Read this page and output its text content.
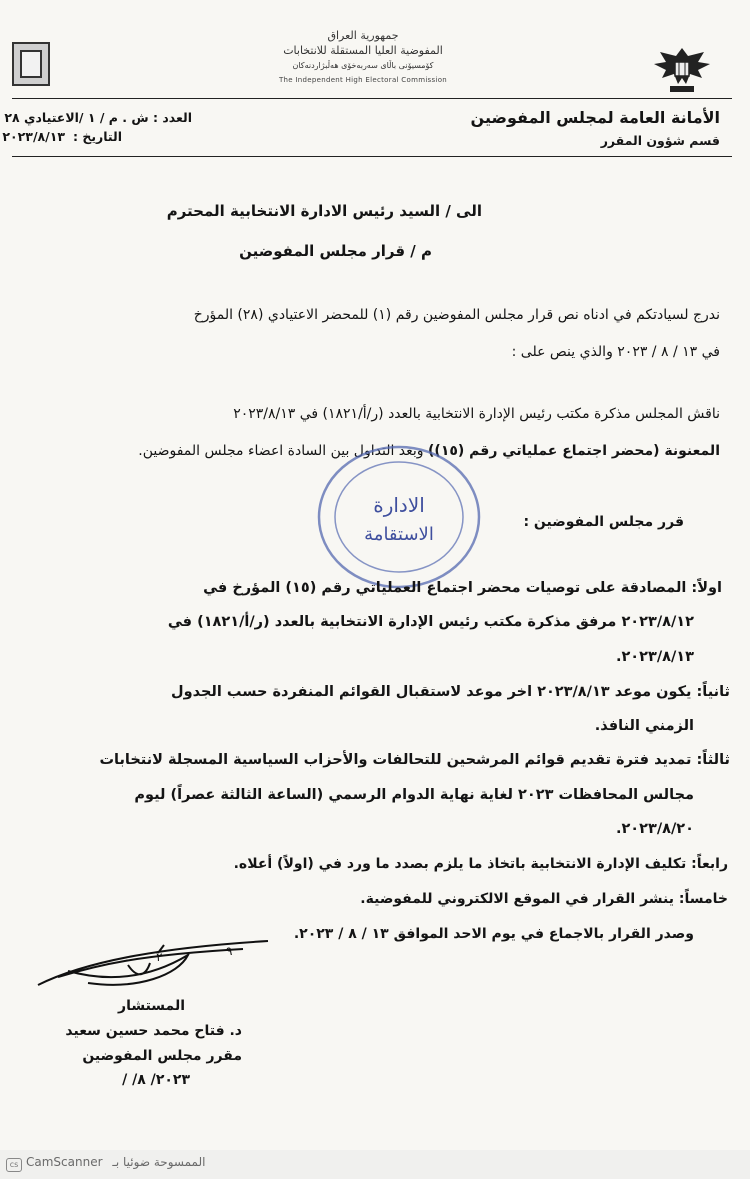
جمهورية العراق
المفوضية العليا المستقلة للانتخابات
کۆمسیۆنی باڵای سەربەخۆی هەڵبژاردنەکان
The Independent High Electoral Commission
العدد : ش . م / ١ /الاعتيادي ٢٨
التاريخ :٢٠٢٣/٨/١٣
الأمانة العامة لمجلس المفوضين
قسم شؤون المقرر
الى / السيد رئيس الادارة الانتخابية المحترم
م / قرار مجلس المفوضين
ندرج لسيادتكم في ادناه نص قرار مجلس المفوضين رقم (١) للمحضر الاعتيادي (٢٨) المؤرخ
في ١٣ / ٨ / ٢٠٢٣ والذي ينص على :
ناقش المجلس مذكرة مكتب رئيس الإدارة الانتخابية بالعدد (ر/أ/١٨٢١) في ٢٠٢٣/٨/١٣
المعنونة (محضر اجتماع عملياتي رقم (١٥)) وبعد التداول بين السادة اعضاء مجلس المفوضين.
الادارة
الاستقامة
قرر مجلس المفوضين :
اولاً: المصادقة على توصيات محضر اجتماع العملياتي رقم (١٥) المؤرخ في
٢٠٢٣/٨/١٢ مرفق مذكرة مكتب رئيس الإدارة الانتخابية بالعدد (ر/أ/١٨٢١) في
٢٠٢٣/٨/١٣.
ثانياً: يكون موعد ٢٠٢٣/٨/١٣ اخر موعد لاستقبال القوائم المنفردة حسب الجدول
الزمني النافذ.
ثالثاً: تمديد فترة تقديم قوائم المرشحين للتحالفات والأحزاب السياسية المسجلة لانتخابات
مجالس المحافظات ٢٠٢٣ لغاية نهاية الدوام الرسمي (الساعة الثالثة عصراً) ليوم
٢٠٢٣/٨/٢٠.
رابعاً: تكليف الإدارة الانتخابية باتخاذ ما يلزم بصدد ما ورد في (اولاً) أعلاه.
خامساً: ينشر القرار في الموقع الالكتروني للمفوضية.
وصدر القرار بالاجماع في يوم الاحد الموافق ١٣ / ٨ / ٢٠٢٣.
٢	٩
المستشار
د. فتاح محمد حسين سعيد
مقرر مجلس المفوضين
٢٠٢٣/ ٨/ /
cs CamScanner الممسوحة ضوئيا بـ
